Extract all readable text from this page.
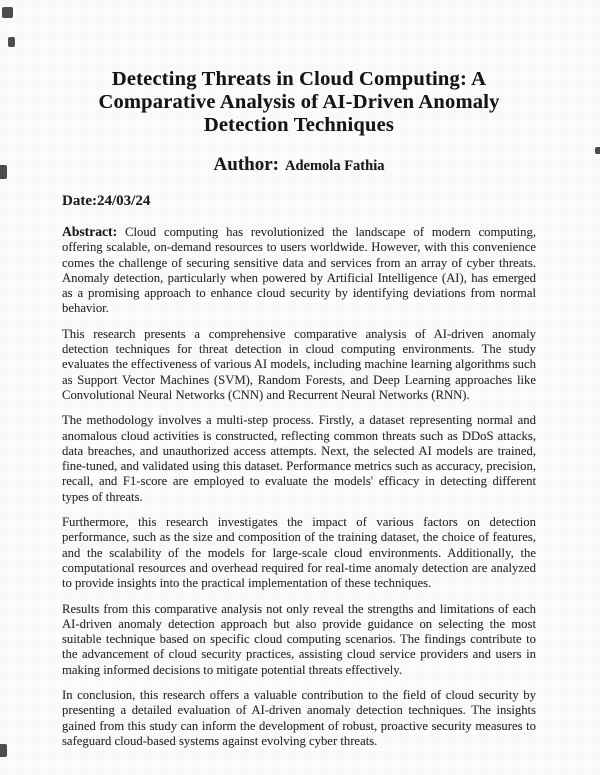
Detecting Threats in Cloud Computing: A
Comparative Analysis of AI-Driven Anomaly
Detection Techniques
Author: Ademola Fathia
Date:24/03/24

Abstract: Cloud computing has revolutionized the landscape of modern computing, offering scalable, on-demand resources to users worldwide. However, with this convenience comes the challenge of securing sensitive data and services from an array of cyber threats. Anomaly detection, particularly when powered by Artificial Intelligence (AI), has emerged as a promising approach to enhance cloud security by identifying deviations from normal behavior.

This research presents a comprehensive comparative analysis of AI-driven anomaly detection techniques for threat detection in cloud computing environments. The study evaluates the effectiveness of various AI models, including machine learning algorithms such as Support Vector Machines (SVM), Random Forests, and Deep Learning approaches like Convolutional Neural Networks (CNN) and Recurrent Neural Networks (RNN).

The methodology involves a multi-step process. Firstly, a dataset representing normal and anomalous cloud activities is constructed, reflecting common threats such as DDoS attacks, data breaches, and unauthorized access attempts. Next, the selected AI models are trained, fine-tuned, and validated using this dataset. Performance metrics such as accuracy, precision, recall, and F1-score are employed to evaluate the models' efficacy in detecting different types of threats.

Furthermore, this research investigates the impact of various factors on detection performance, such as the size and composition of the training dataset, the choice of features, and the scalability of the models for large-scale cloud environments. Additionally, the computational resources and overhead required for real-time anomaly detection are analyzed to provide insights into the practical implementation of these techniques.

Results from this comparative analysis not only reveal the strengths and limitations of each AI-driven anomaly detection approach but also provide guidance on selecting the most suitable technique based on specific cloud computing scenarios. The findings contribute to the advancement of cloud security practices, assisting cloud service providers and users in making informed decisions to mitigate potential threats effectively.

In conclusion, this research offers a valuable contribution to the field of cloud security by presenting a detailed evaluation of AI-driven anomaly detection techniques. The insights gained from this study can inform the development of robust, proactive security measures to safeguard cloud-based systems against evolving cyber threats.
